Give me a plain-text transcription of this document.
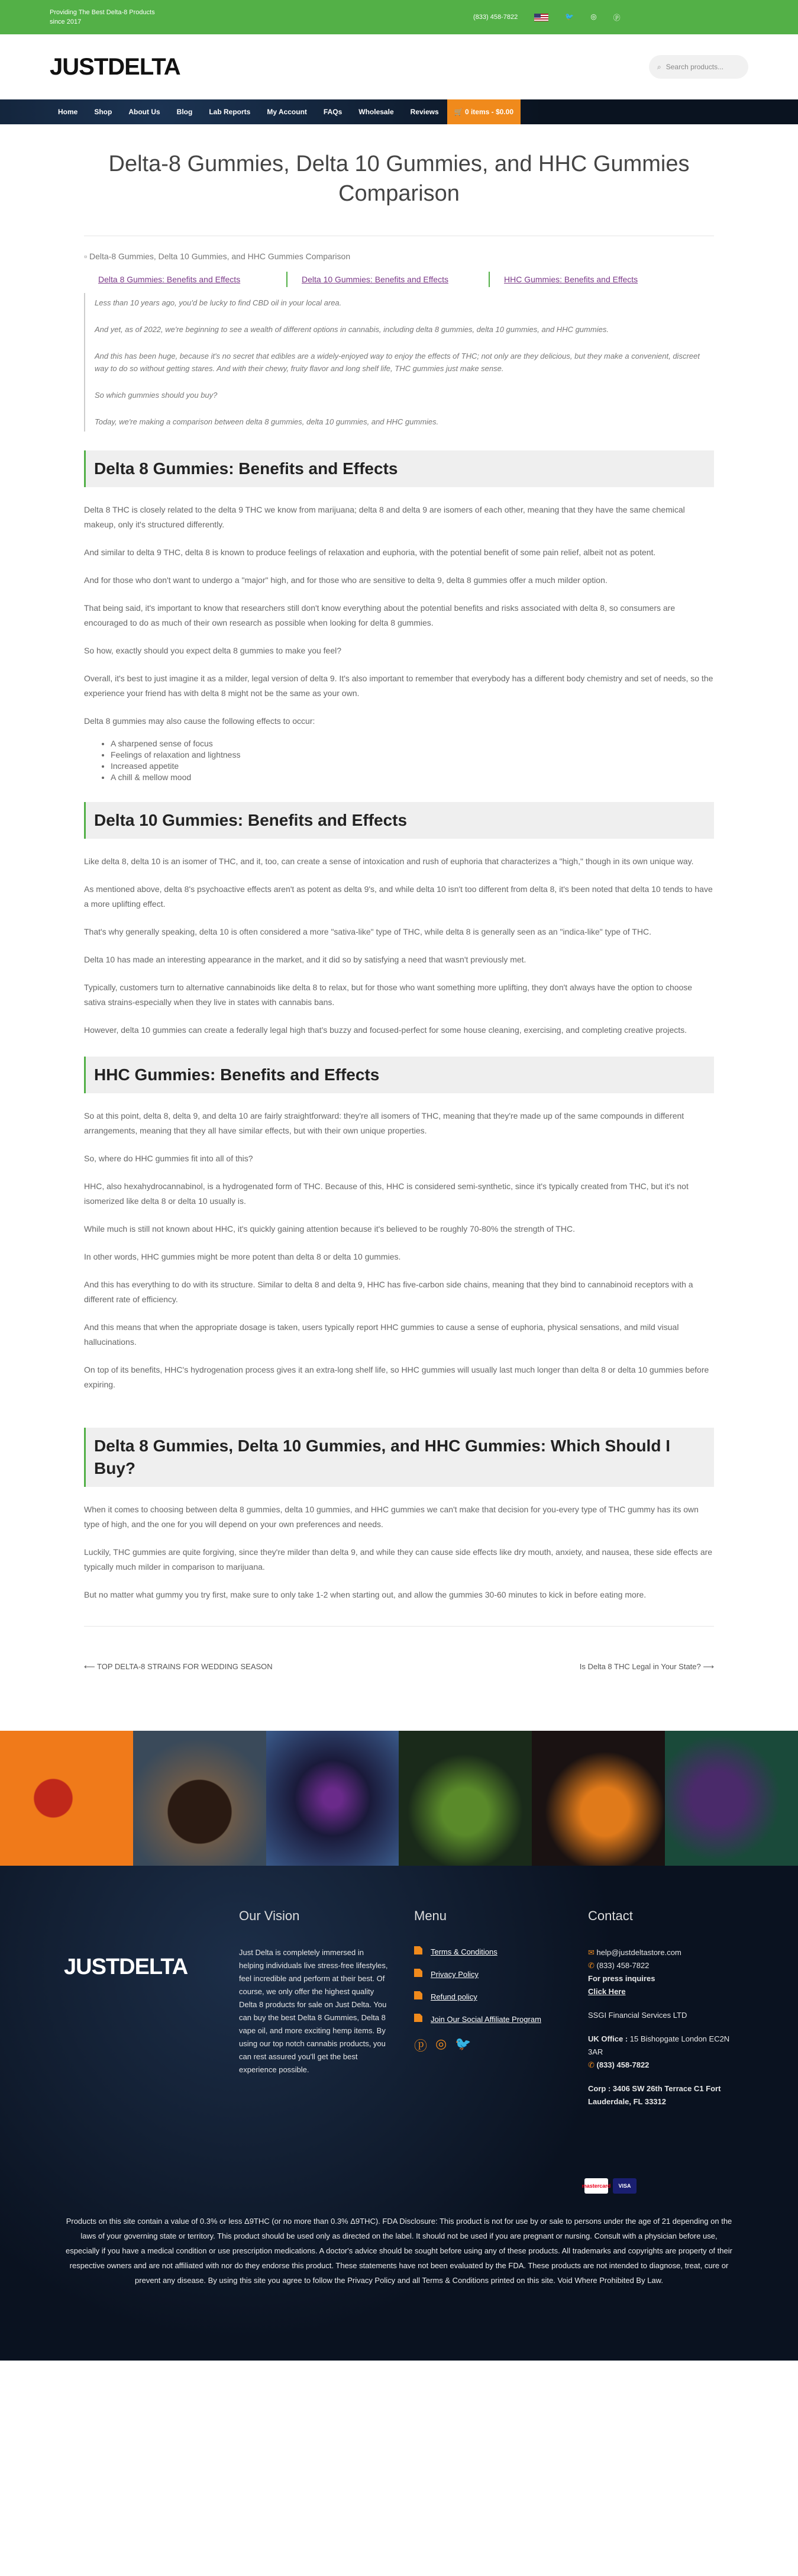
Providing The Best Delta-8 Products since 2017
(833) 458-7822	🐦 ◎ ⓟ
JUSTDELTA	⌕ Search products...
Home	Shop	About Us	Blog	Lab Reports	My Account	FAQs	Wholesale	Reviews	🛒 0 items - $0.00
Delta-8 Gummies, Delta 10 Gummies, and HHC Gummies Comparison
▫ Delta-8 Gummies, Delta 10 Gummies, and HHC Gummies Comparison
Delta 8 Gummies: Benefits and Effects	Delta 10 Gummies: Benefits and Effects	HHC Gummies: Benefits and Effects

Less than 10 years ago, you'd be lucky to find CBD oil in your local area.

And yet, as of 2022, we're beginning to see a wealth of different options in cannabis, including delta 8 gummies, delta 10 gummies, and HHC gummies.

And this has been huge, because it's no secret that edibles are a widely-enjoyed way to enjoy the effects of THC; not only are they delicious, but they make a convenient, discreet way to do so without getting stares. And with their chewy, fruity flavor and long shelf life, THC gummies just make sense.

So which gummies should you buy?

Today, we're making a comparison between delta 8 gummies, delta 10 gummies, and HHC gummies.

Delta 8 Gummies: Benefits and Effects

Delta 8 THC is closely related to the delta 9 THC we know from marijuana; delta 8 and delta 9 are isomers of each other, meaning that they have the same chemical makeup, only it's structured differently.

And similar to delta 9 THC, delta 8 is known to produce feelings of relaxation and euphoria, with the potential benefit of some pain relief, albeit not as potent.

And for those who don't want to undergo a "major" high, and for those who are sensitive to delta 9, delta 8 gummies offer a much milder option.

That being said, it's important to know that researchers still don't know everything about the potential benefits and risks associated with delta 8, so consumers are encouraged to do as much of their own research as possible when looking for delta 8 gummies.

So how, exactly should you expect delta 8 gummies to make you feel?

Overall, it's best to just imagine it as a milder, legal version of delta 9. It's also important to remember that everybody has a different body chemistry and set of needs, so the experience your friend has with delta 8 might not be the same as your own.

Delta 8 gummies may also cause the following effects to occur:

• A sharpened sense of focus
• Feelings of relaxation and lightness
• Increased appetite
• A chill & mellow mood
Delta 10 Gummies: Benefits and Effects

Like delta 8, delta 10 is an isomer of THC, and it, too, can create a sense of intoxication and rush of euphoria that characterizes a "high," though in its own unique way.

As mentioned above, delta 8's psychoactive effects aren't as potent as delta 9's, and while delta 10 isn't too different from delta 8, it's been noted that delta 10 tends to have a more uplifting effect.

That's why generally speaking, delta 10 is often considered a more "sativa-like" type of THC, while delta 8 is generally seen as an "indica-like" type of THC.

Delta 10 has made an interesting appearance in the market, and it did so by satisfying a need that wasn't previously met.

Typically, customers turn to alternative cannabinoids like delta 8 to relax, but for those who want something more uplifting, they don't always have the option to choose sativa strains-especially when they live in states with cannabis bans.

However, delta 10 gummies can create a federally legal high that's buzzy and focused-perfect for some house cleaning, exercising, and completing creative projects.

HHC Gummies: Benefits and Effects

So at this point, delta 8, delta 9, and delta 10 are fairly straightforward: they're all isomers of THC, meaning that they're made up of the same compounds in different arrangements, meaning that they all have similar effects, but with their own unique properties.

So, where do HHC gummies fit into all of this?

HHC, also hexahydrocannabinol, is a hydrogenated form of THC. Because of this, HHC is considered semi-synthetic, since it's typically created from THC, but it's not isomerized like delta 8 or delta 10 usually is.

While much is still not known about HHC, it's quickly gaining attention because it's believed to be roughly 70-80% the strength of THC.

In other words, HHC gummies might be more potent than delta 8 or delta 10 gummies.

And this has everything to do with its structure. Similar to delta 8 and delta 9, HHC has five-carbon side chains, meaning that they bind to cannabinoid receptors with a different rate of efficiency.

And this means that when the appropriate dosage is taken, users typically report HHC gummies to cause a sense of euphoria, physical sensations, and mild visual hallucinations.

On top of its benefits, HHC's hydrogenation process gives it an extra-long shelf life, so HHC gummies will usually last much longer than delta 8 or delta 10 gummies before expiring.

Delta 8 Gummies, Delta 10 Gummies, and HHC Gummies: Which Should I Buy?

When it comes to choosing between delta 8 gummies, delta 10 gummies, and HHC gummies we can't make that decision for you-every type of THC gummy has its own type of high, and the one for you will depend on your own preferences and needs.

Luckily, THC gummies are quite forgiving, since they're milder than delta 9, and while they can cause side effects like dry mouth, anxiety, and nausea, these side effects are typically much milder in comparison to marijuana.

But no matter what gummy you try first, make sure to only take 1-2 when starting out, and allow the gummies 30-60 minutes to kick in before eating more.

⟵ TOP DELTA-8 STRAINS FOR WEDDING SEASON	Is Delta 8 THC Legal in Your State? ⟶
JUSTDELTA
Our Vision

Just Delta is completely immersed in helping individuals live stress-free lifestyles, feel incredible and perform at their best. Of course, we only offer the highest quality Delta 8 products for sale on Just Delta. You can buy the best Delta 8 Gummies, Delta 8 vape oil, and more exciting hemp items. By using our top notch cannabis products, you can rest assured you'll get the best experience possible.

Menu
Terms & Conditions
Privacy Policy
Refund policy
Join Our Social Affiliate Program
ⓟ ◎ 🐦
Contact

✉ help@justdeltastore.com

✆ (833) 458-7822

For press inquires

Click Here

SSGI Financial Services LTD

UK Office : 15 Bishopgate London EC2N 3AR

✆ (833) 458-7822

Corp : 3406 SW 26th Terrace C1 Fort Lauderdale, FL 33312

mastercard	VISA
Products on this site contain a value of 0.3% or less Δ9THC (or no more than 0.3% Δ9THC). FDA Disclosure: This product is not for use by or sale to persons under the age of 21 depending on the laws of your governing state or territory. This product should be used only as directed on the label. It should not be used if you are pregnant or nursing. Consult with a physician before use, especially if you have a medical condition or use prescription medications. A doctor's advice should be sought before using any of these products. All trademarks and copyrights are property of their respective owners and are not affiliated with nor do they endorse this product. These statements have not been evaluated by the FDA. These products are not intended to diagnose, treat, cure or prevent any disease. By using this site you agree to follow the Privacy Policy and all Terms & Conditions printed on this site. Void Where Prohibited By Law.
